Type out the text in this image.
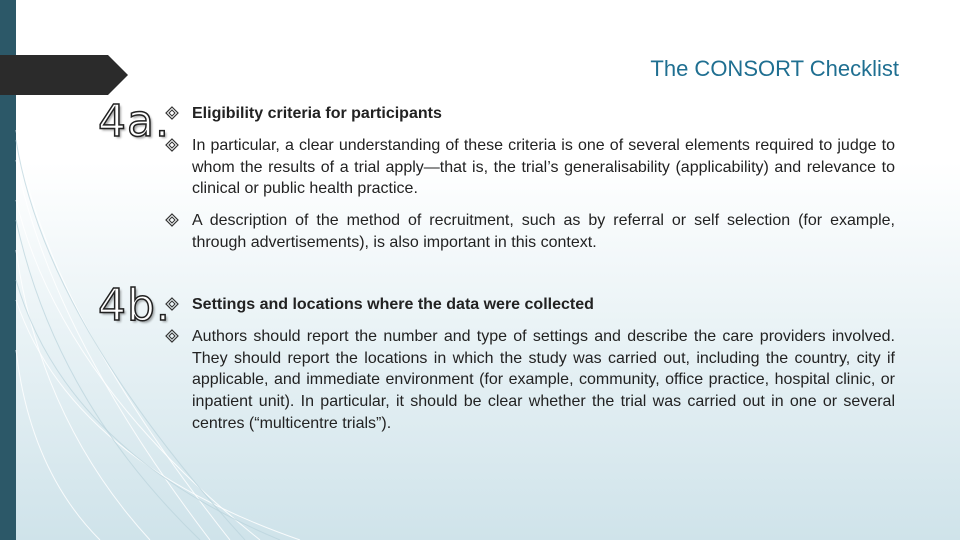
The CONSORT Checklist
4a. Eligibility criteria for participants
In particular, a clear understanding of these criteria is one of several elements required to judge to whom the results of a trial apply—that is, the trial’s generalisability (applicability) and relevance to clinical or public health practice.
A description of the method of recruitment, such as by referral or self selection (for example, through advertisements), is also important in this context.
4b. Settings and locations where the data were collected
Authors should report the number and type of settings and describe the care providers involved. They should report the locations in which the study was carried out, including the country, city if applicable, and immediate environment (for example, community, office practice, hospital clinic, or inpatient unit). In particular, it should be clear whether the trial was carried out in one or several centres (“multicentre trials”).
